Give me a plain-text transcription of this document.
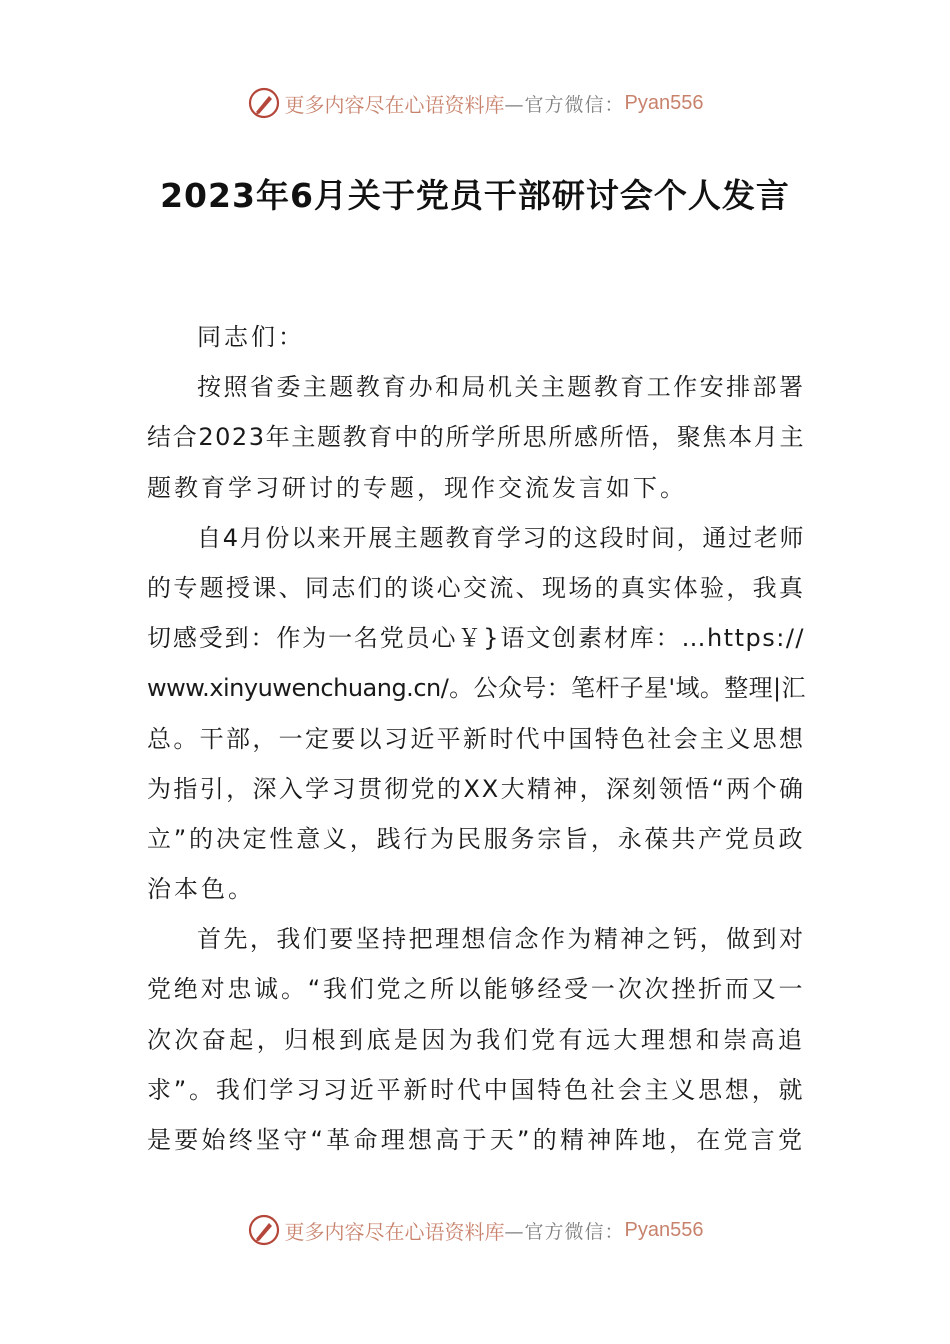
更多内容尽在心语资料库 —官方微信： Pyan556
2023年6月关于党员干部研讨会个人发言
同志们：
按照省委主题教育办和局机关主题教育工作安排部署
结合2023年主题教育中的所学所思所感所悟，聚焦本月主
题教育学习研讨的专题，现作交流发言如下。
自4月份以来开展主题教育学习的这段时间，通过老师
的专题授课、同志们的谈心交流、现场的真实体验，我真
切感受到：作为一名党员心￥}语文创素材库：…https://
www.xinyuwenchuang.cn/。公众号：笔杆子星'域。整理|汇
总。干部，一定要以习近平新时代中国特色社会主义思想
为指引，深入学习贯彻党的XX大精神，深刻领悟“两个确
立”的决定性意义，践行为民服务宗旨，永葆共产党员政
治本色。
首先，我们要坚持把理想信念作为精神之钙，做到对
党绝对忠诚。“我们党之所以能够经受一次次挫折而又一
次次奋起，归根到底是因为我们党有远大理想和崇高追
求”。我们学习习近平新时代中国特色社会主义思想，就
是要始终坚守“革命理想高于天”的精神阵地，在党言党
更多内容尽在心语资料库 —官方微信： Pyan556
